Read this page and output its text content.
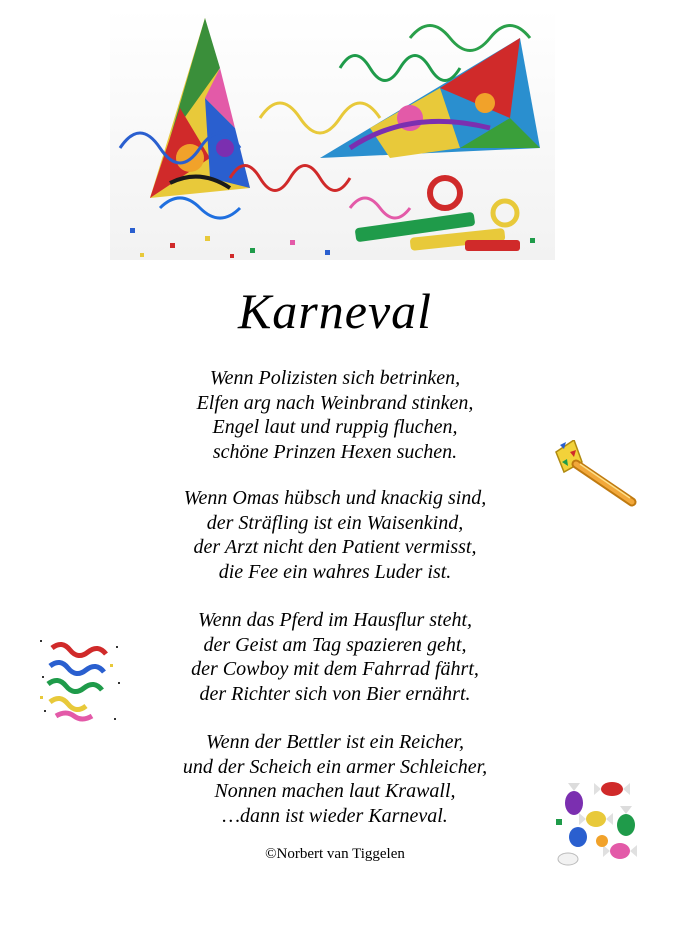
Karneval
Wenn Polizisten sich betrinken,
Elfen arg nach Weinbrand stinken,
Engel laut und ruppig fluchen,
schöne Prinzen Hexen suchen.
Wenn Omas hübsch und knackig sind,
der Sträfling ist ein Waisenkind,
der Arzt nicht den Patient vermisst,
die Fee ein wahres Luder ist.
Wenn das Pferd im Hausflur steht,
der Geist am Tag spazieren geht,
der Cowboy mit dem Fahrrad fährt,
der Richter sich von Bier ernährt.
Wenn der Bettler ist ein Reicher,
und der Scheich ein armer Schleicher,
Nonnen machen laut Krawall,
…dann ist wieder Karneval.
©Norbert van Tiggelen
